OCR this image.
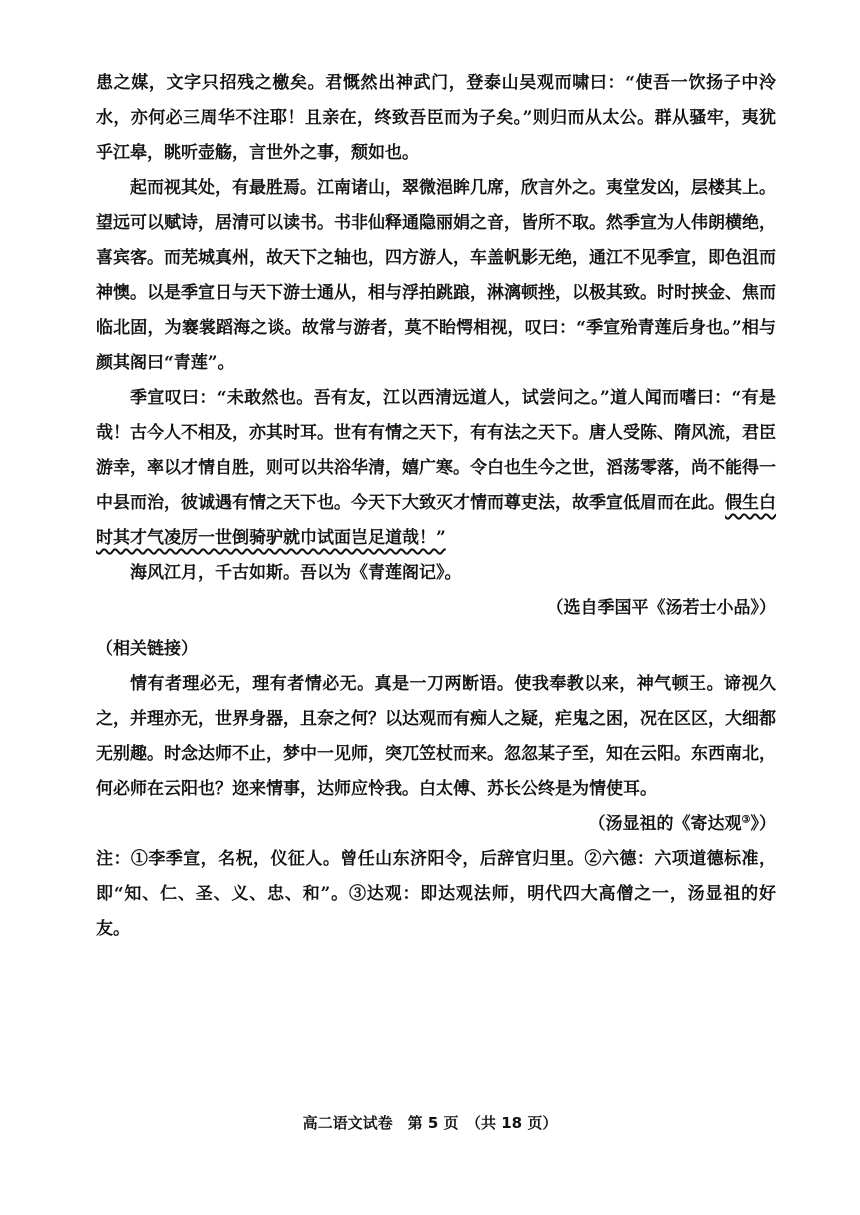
患之媒，文字只招残之檄矣。君慨然出神武门，登泰山吴观而啸曰：“使吾一饮扬子中泠水，亦何必三周华不注耶！且亲在，终致吾臣而为子矣。”则归而从太公。群从骚牢，夷犹乎江皋，眺听壶觞，言世外之事，颓如也。

起而视其处，有最胜焉。江南诸山，翠微浥眸几席，欣言外之。夷堂发凶，层楼其上。望远可以赋诗，居清可以读书。书非仙释通隐丽娟之音，皆所不取。然季宣为人伟朗横绝，喜宾客。而芜城真州，故天下之轴也，四方游人，车盖帆影无绝，通江不见季宣，即色沮而神懊。以是季宣日与天下游士通从，相与浮拍跳踉，淋漓顿挫，以极其致。时时挟金、焦而临北固，为褰裳蹈海之谈。故常与游者，莫不眙愕相视，叹曰：“季宣殆青莲后身也。”相与颜其阁曰“青莲”。

季宣叹曰：“未敢然也。吾有友，江以西清远道人，试尝问之。”道人闻而嗜曰：“有是哉！古今人不相及，亦其时耳。世有有情之天下，有有法之天下。唐人受陈、隋风流，君臣游幸，率以才情自胜，则可以共浴华清，嬉广寒。令白也生今之世，滔荡零落，尚不能得一中县而治，彼诚遇有情之天下也。今天下大致灭才情而尊吏法，故季宣低眉而在此。假生白时其才气凌厉一世倒骑驴就巾试面岂足道哉！”

海风江月，千古如斯。吾以为《青莲阁记》。

（选自季国平《汤若士小品》）

（相关链接）

情有者理必无，理有者情必无。真是一刀两断语。使我奉教以来，神气顿王。谛视久之，并理亦无，世界身器，且奈之何？以达观而有痴人之疑，疟鬼之困，况在区区，大细都无别趣。时念达师不止，梦中一见师，突兀笠杖而来。忽忽某子至，知在云阳。东西南北，何必师在云阳也？迩来情事，达师应怜我。白太傅、苏长公终是为情使耳。

（汤显祖的《寄达观③》）

注：①李季宣，名柷，仪征人。曾任山东济阳令，后辞官归里。②六德：六项道德标准，即“知、仁、圣、义、忠、和”。③达观：即达观法师，明代四大高僧之一，汤显祖的好友。

高二语文试卷　第 5 页　（共 18 页）
